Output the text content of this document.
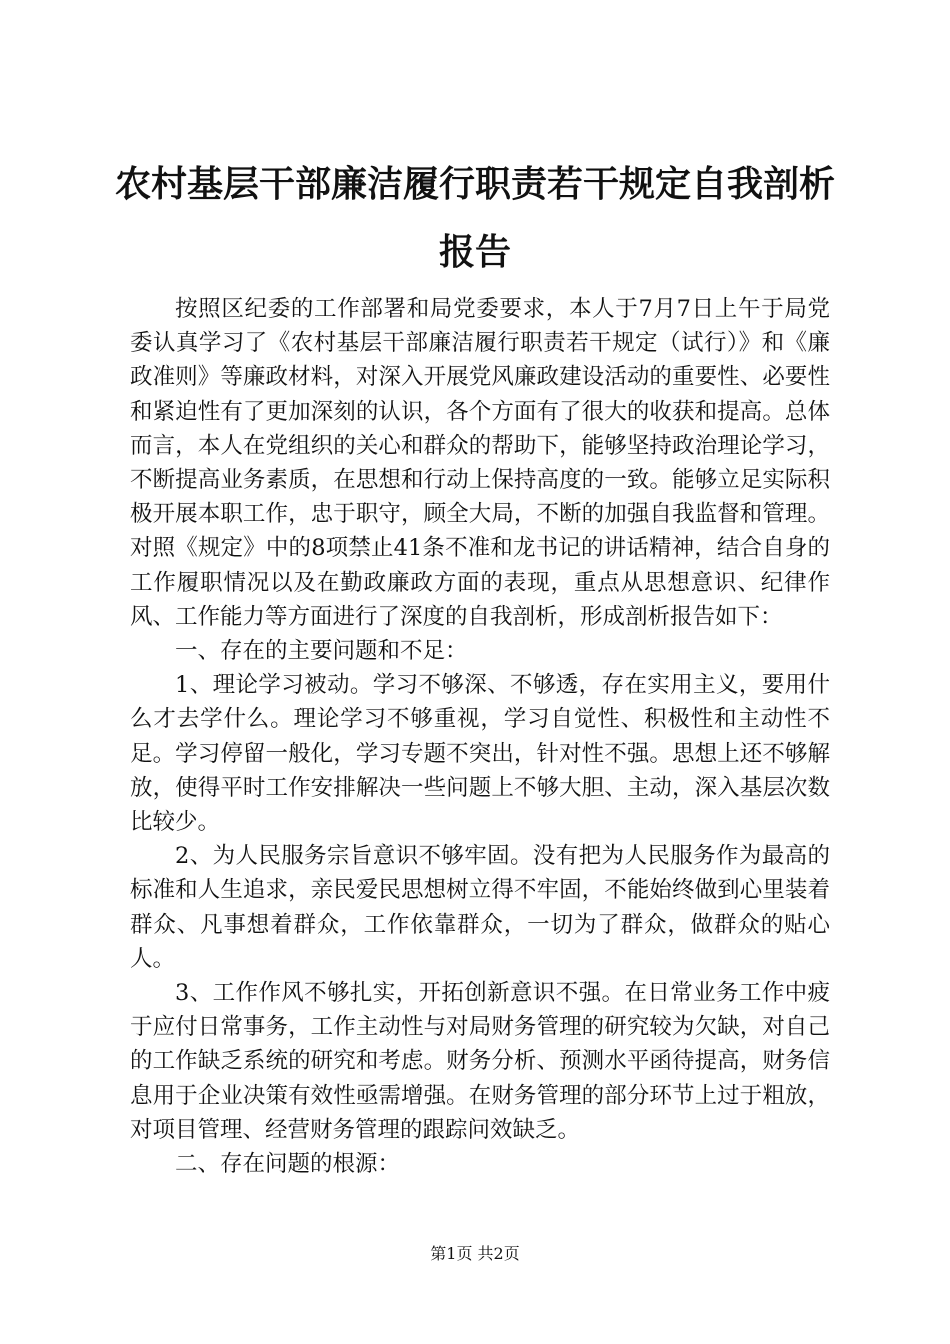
农村基层干部廉洁履行职责若干规定自我剖析报告

按照区纪委的工作部署和局党委要求，本人于7月7日上午于局党委认真学习了《农村基层干部廉洁履行职责若干规定（试行）》和《廉政准则》等廉政材料，对深入开展党风廉政建设活动的重要性、必要性和紧迫性有了更加深刻的认识，各个方面有了很大的收获和提高。总体而言，本人在党组织的关心和群众的帮助下，能够坚持政治理论学习，不断提高业务素质，在思想和行动上保持高度的一致。能够立足实际积极开展本职工作，忠于职守，顾全大局，不断的加强自我监督和管理。对照《规定》中的8项禁止41条不准和龙书记的讲话精神，结合自身的工作履职情况以及在勤政廉政方面的表现，重点从思想意识、纪律作风、工作能力等方面进行了深度的自我剖析，形成剖析报告如下：

一、存在的主要问题和不足：

1、理论学习被动。学习不够深、不够透，存在实用主义，要用什么才去学什么。理论学习不够重视，学习自觉性、积极性和主动性不足。学习停留一般化，学习专题不突出，针对性不强。思想上还不够解放，使得平时工作安排解决一些问题上不够大胆、主动，深入基层次数比较少。

2、为人民服务宗旨意识不够牢固。没有把为人民服务作为最高的标准和人生追求，亲民爱民思想树立得不牢固，不能始终做到心里装着群众、凡事想着群众，工作依靠群众，一切为了群众，做群众的贴心人。

3、工作作风不够扎实，开拓创新意识不强。在日常业务工作中疲于应付日常事务，工作主动性与对局财务管理的研究较为欠缺，对自己的工作缺乏系统的研究和考虑。财务分析、预测水平函待提高，财务信息用于企业决策有效性亟需增强。在财务管理的部分环节上过于粗放，对项目管理、经营财务管理的跟踪问效缺乏。

二、存在问题的根源：

第1页 共2页
